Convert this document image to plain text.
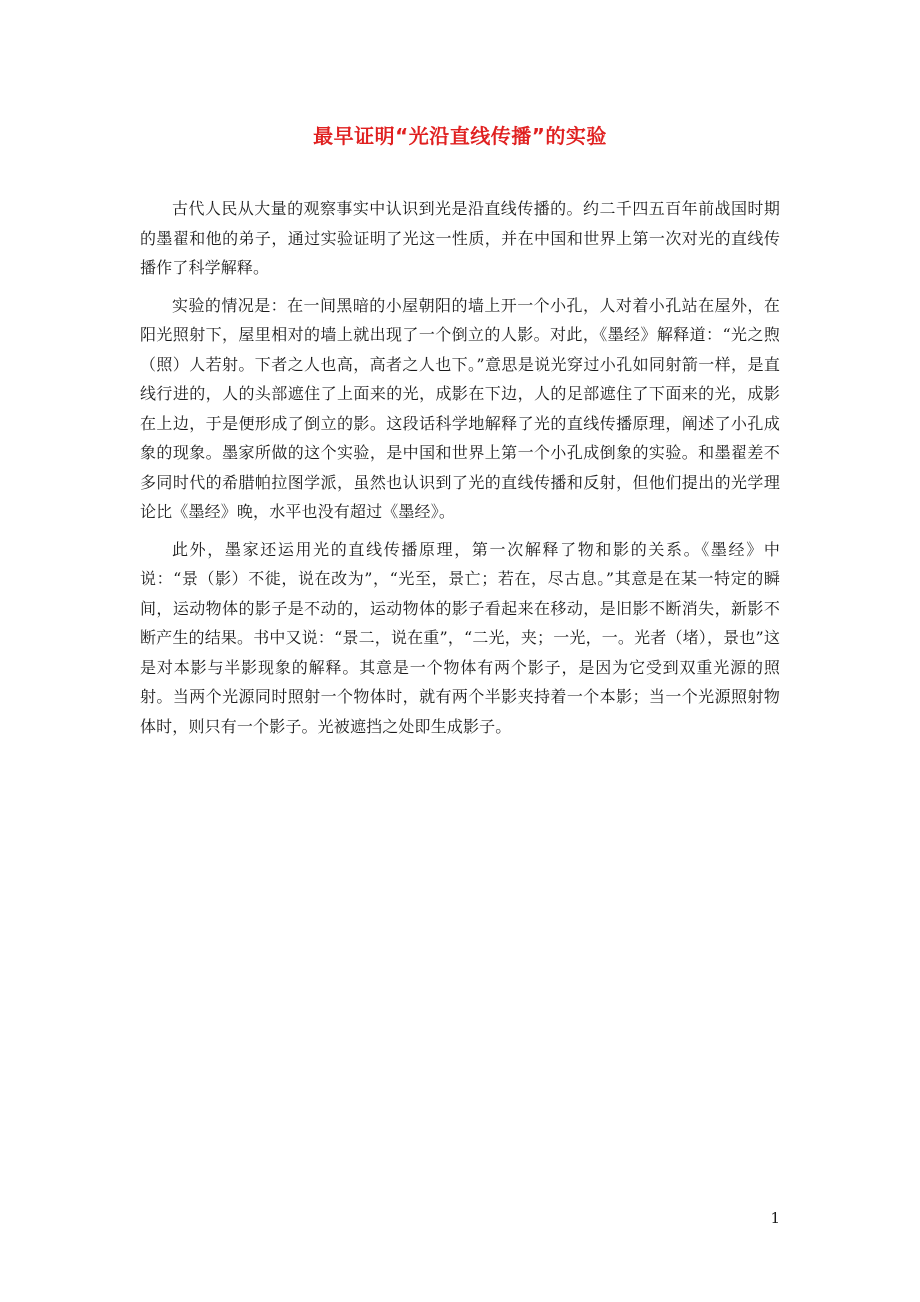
最早证明“光沿直线传播”的实验

古代人民从大量的观察事实中认识到光是沿直线传播的。约二千四五百年前战国时期的墨翟和他的弟子，通过实验证明了光这一性质，并在中国和世界上第一次对光的直线传播作了科学解释。

实验的情况是：在一间黑暗的小屋朝阳的墙上开一个小孔，人对着小孔站在屋外，在阳光照射下，屋里相对的墙上就出现了一个倒立的人影。对此，《墨经》解释道：“光之煦（照）人若射。下者之人也高，高者之人也下。”意思是说光穿过小孔如同射箭一样，是直线行进的，人的头部遮住了上面来的光，成影在下边，人的足部遮住了下面来的光，成影在上边，于是便形成了倒立的影。这段话科学地解释了光的直线传播原理，阐述了小孔成象的现象。墨家所做的这个实验，是中国和世界上第一个小孔成倒象的实验。和墨翟差不多同时代的希腊帕拉图学派，虽然也认识到了光的直线传播和反射，但他们提出的光学理论比《墨经》晚，水平也没有超过《墨经》。

此外，墨家还运用光的直线传播原理，第一次解释了物和影的关系。《墨经》中说：“景（影）不徙，说在改为”，“光至，景亡；若在，尽古息。”其意是在某一特定的瞬间，运动物体的影子是不动的，运动物体的影子看起来在移动，是旧影不断消失，新影不断产生的结果。书中又说：“景二，说在重”，“二光，夹；一光，一。光者（堵），景也”这是对本影与半影现象的解释。其意是一个物体有两个影子，是因为它受到双重光源的照射。当两个光源同时照射一个物体时，就有两个半影夹持着一个本影；当一个光源照射物体时，则只有一个影子。光被遮挡之处即生成影子。

1
